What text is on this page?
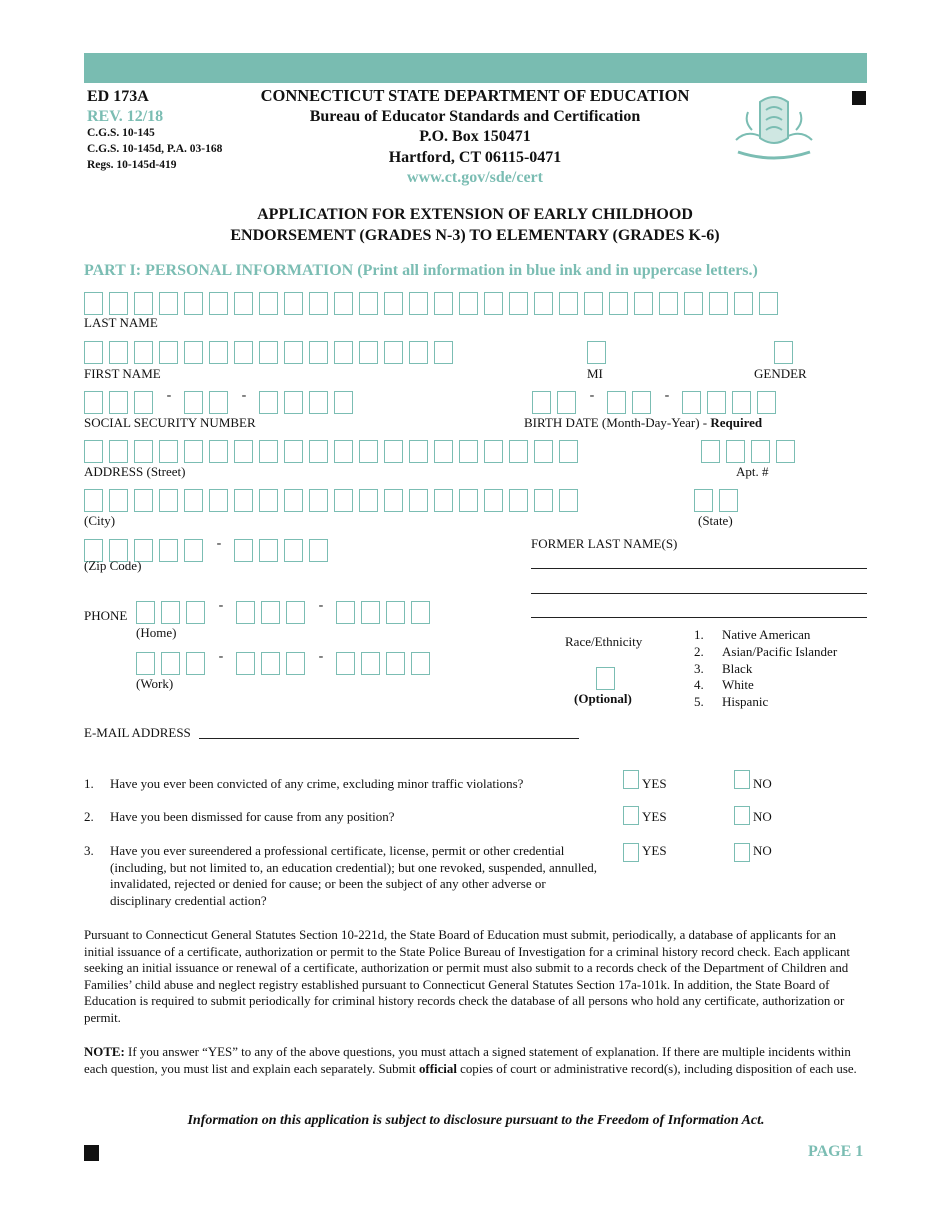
ED 173A
REV. 12/18
C.G.S. 10-145
C.G.S. 10-145d, P.A. 03-168
Regs. 10-145d-419
CONNECTICUT STATE DEPARTMENT OF EDUCATION
Bureau of Educator Standards and Certification
P.O. Box 150471
Hartford, CT 06115-0471
www.ct.gov/sde/cert
APPLICATION FOR EXTENSION OF EARLY CHILDHOOD
ENDORSEMENT (GRADES N-3) TO ELEMENTARY (GRADES K-6)
PART I: PERSONAL INFORMATION (Print all information in blue ink and in uppercase letters.)
LAST NAME
FIRST NAME	MI	GENDER
-	-
SOCIAL SECURITY NUMBER
-	-
BIRTH DATE (Month-Day-Year) - Required
ADDRESS (Street)	Apt. #
(City)	(State)
-
(Zip Code)
FORMER LAST NAME(S)
PHONE
-	-
(Home)
-	-
(Work)
Race/Ethnicity
(Optional)
1. Native American
2. Asian/Pacific Islander
3. Black
4. White
5. Hispanic
E-MAIL ADDRESS
1. Have you ever been convicted of any crime, excluding minor traffic violations?	YES	NO
2. Have you been dismissed for cause from any position?	YES	NO
3. Have you ever sureendered a professional certificate, license, permit or other credential (including, but not limited to, an education credential); but one revoked, suspended, annulled, invalidated, rejected or denied for cause; or been the subject of any other adverse or disciplinary credential action?
YES	NO
Pursuant to Connecticut General Statutes Section 10-221d, the State Board of Education must submit, periodically, a database of applicants for an initial issuance of a certificate, authorization or permit to the State Police Bureau of Investigation for a criminal history record check. Each applicant seeking an initial issuance or renewal of a certificate, authorization or permit must also submit to a records check of the Department of Children and Families’ child abuse and neglect registry established pursuant to Connecticut General Statutes Section 17a-101k. In addition, the State Board of Education is required to submit periodically for criminal history records check the database of all persons who hold any certificate, authorization or permit.
NOTE: If you answer “YES” to any of the above questions, you must attach a signed statement of explanation. If there are multiple incidents within each question, you must list and explain each separately. Submit official copies of court or administrative record(s), including disposition of each use.
Information on this application is subject to disclosure pursuant to the Freedom of Information Act.
PAGE 1
